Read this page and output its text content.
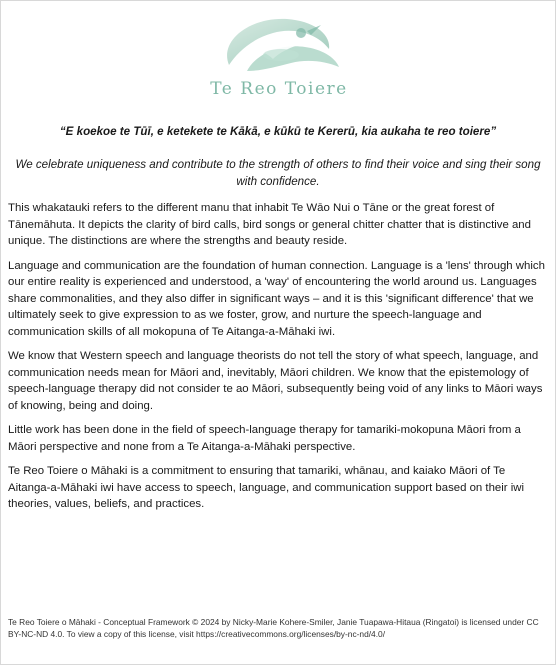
Te Reo Toiere
“E koekoe te Tūī, e ketekete te Kākā, e kūkū te Kererū, kia aukaha te reo toiere”
We celebrate uniqueness and contribute to the strength of others to find their voice and sing their song with confidence.

This whakatauki refers to the different manu that inhabit Te Wāo Nui o Tāne or the great forest of Tānemāhuta. It depicts the clarity of bird calls, bird songs or general chitter chatter that is distinctive and unique. The distinctions are where the strengths and beauty reside.

Language and communication are the foundation of human connection. Language is a 'lens' through which our entire reality is experienced and understood, a 'way' of encountering the world around us. Languages share commonalities, and they also differ in significant ways – and it is this 'significant difference' that we ultimately seek to give expression to as we foster, grow, and nurture the speech-language and communication skills of all mokopuna of Te Aitanga-a-Māhaki iwi.

We know that Western speech and language theorists do not tell the story of what speech, language, and communication needs mean for Māori and, inevitably, Māori children. We know that the epistemology of speech-language therapy did not consider te ao Māori, subsequently being void of any links to Māori ways of knowing, being and doing.

Little work has been done in the field of speech-language therapy for tamariki-mokopuna Māori from a Māori perspective and none from a Te Aitanga-a-Māhaki perspective.

Te Reo Toiere o Māhaki is a commitment to ensuring that tamariki, whānau, and kaiako Māori of Te Aitanga-a-Māhaki iwi have access to speech, language, and communication support based on their iwi theories, values, beliefs, and practices.

Te Reo Toiere o Māhaki - Conceptual Framework © 2024 by Nicky-Marie Kohere-Smiler, Janie Tuapawa-Hitaua (Ringatoi) is licensed under CC BY-NC-ND 4.0. To view a copy of this license, visit https://creativecommons.org/licenses/by-nc-nd/4.0/
